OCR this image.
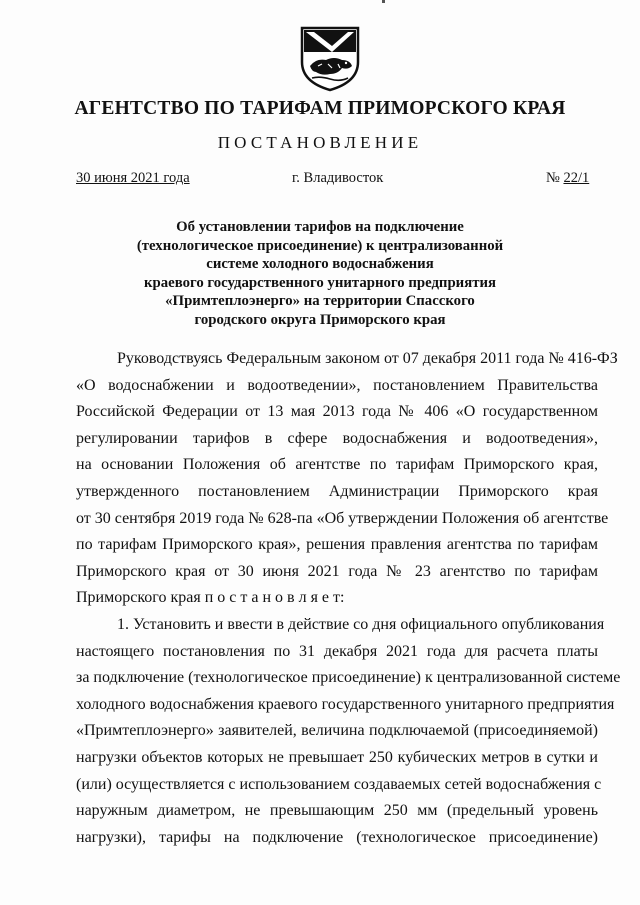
АГЕНТСТВО ПО ТАРИФАМ ПРИМОРСКОГО КРАЯ
ПОСТАНОВЛЕНИЕ
30 июня 2021 года	г. Владивосток	№ 22/1
Об установлении тарифов на подключение
(технологическое присоединение) к централизованной
системе холодного водоснабжения
краевого государственного унитарного предприятия
«Примтеплоэнерго» на территории Спасского
городского округа Приморского края
Руководствуясь Федеральным законом от 07 декабря 2011 года № 416-ФЗ
«О водоснабжении и водоотведении», постановлением Правительства
Российской Федерации от 13 мая 2013 года № 406 «О государственном
регулировании тарифов в сфере водоснабжения и водоотведения»,
на основании Положения об агентстве по тарифам Приморского края,
утвержденного постановлением Администрации Приморского края
от 30 сентября 2019 года № 628-па «Об утверждении Положения об агентстве
по тарифам Приморского края», решения правления агентства по тарифам
Приморского края от 30 июня 2021 года № 23 агентство по тарифам
Приморского края п о с т а н о в л я е т:
1. Установить и ввести в действие со дня официального опубликования
настоящего постановления по 31 декабря 2021 года для расчета платы
за подключение (технологическое присоединение) к централизованной системе
холодного водоснабжения краевого государственного унитарного предприятия
«Примтеплоэнерго» заявителей, величина подключаемой (присоединяемой)
нагрузки объектов которых не превышает 250 кубических метров в сутки и
(или) осуществляется с использованием создаваемых сетей водоснабжения с
наружным диаметром, не превышающим 250 мм (предельный уровень
нагрузки), тарифы на подключение (технологическое присоединение)
